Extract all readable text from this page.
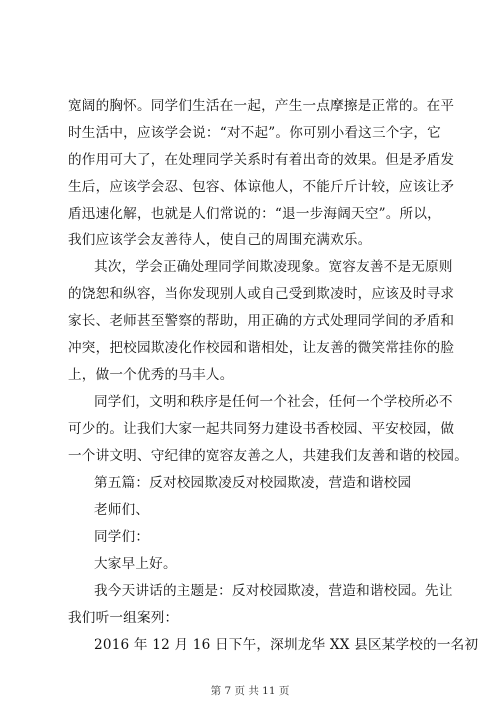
宽阔的胸怀。同学们生活在一起，产生一点摩擦是正常的。在平
时生活中，应该学会说：“对不起”。你可别小看这三个字，它
的作用可大了，在处理同学关系时有着出奇的效果。但是矛盾发
生后，应该学会忍、包容、体谅他人，不能斤斤计较，应该让矛
盾迅速化解，也就是人们常说的：“退一步海阔天空”。所以，
我们应该学会友善待人，使自己的周围充满欢乐。
其次，学会正确处理同学间欺凌现象。宽容友善不是无原则
的饶恕和纵容，当你发现别人或自己受到欺凌时，应该及时寻求
家长、老师甚至警察的帮助，用正确的方式处理同学间的矛盾和
冲突，把校园欺凌化作校园和谐相处，让友善的微笑常挂你的脸
上，做一个优秀的马丰人。
同学们，文明和秩序是任何一个社会，任何一个学校所必不
可少的。让我们大家一起共同努力建设书香校园、平安校园，做
一个讲文明、守纪律的宽容友善之人，共建我们友善和谐的校园。
第五篇：反对校园欺凌反对校园欺凌，营造和谐校园
老师们、
同学们：
大家早上好。
我今天讲话的主题是：反对校园欺凌，营造和谐校园。先让
我们听一组案列：
2016 年 12 月 16 日下午，深圳龙华 XX 县区某学校的一名初
第 7 页 共 11 页
